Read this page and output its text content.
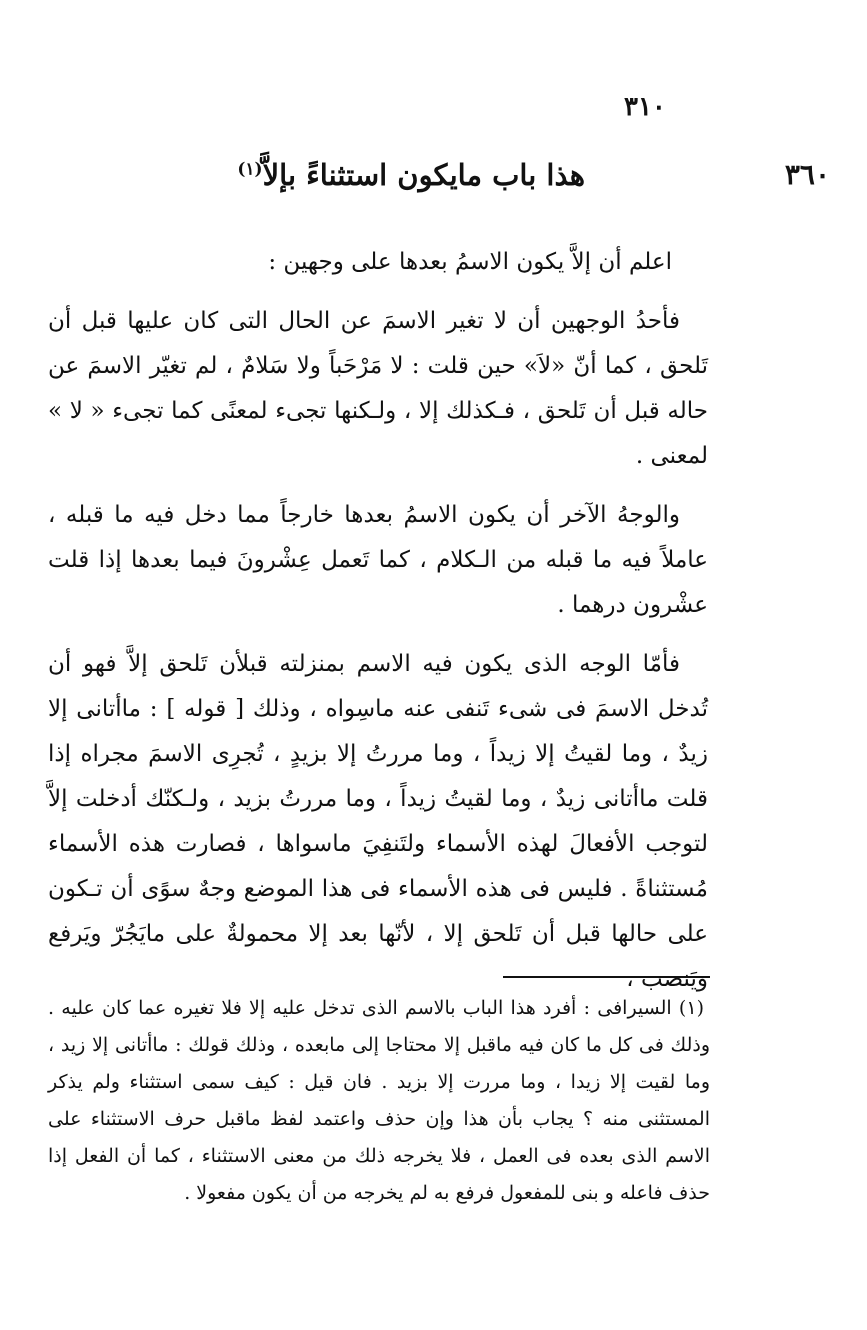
٣١٠
٣٦٠
هذا باب مايكون استثناءً بإلاَّ$^{(١)}$

اعلم أن إلاَّ يكون الاسمُ بعدها على وجهين :

فأحدُ الوجهين أن لا تغير الاسمَ عن الحال التى كان عليها قبل أن تَلحق ، كما أنّ «لاَ» حين قلت : لا مَرْحَباً ولا سَلامٌ ، لم تغيّر الاسمَ عن حاله قبل أن تَلحق ، فـكذلك إلا ، ولـكنها تجىء لمعنًى كما تجىء « لا » لمعنى .

والوجهُ الآخر أن يكون الاسمُ بعدها خارجاً مما دخل فيه ما قبله ، عاملاً فيه ما قبله من الـكلام ، كما تَعمل عِشْرونَ فيما بعدها إذا قلت عشْرون درهما .

فأمّا الوجه الذى يكون فيه الاسم بمنزلته قبلأن تَلحق إلاَّ فهو أن تُدخل الاسمَ فى شىء تَنفى عنه ماسِواه ، وذلك [ قوله ] : ماأتانى إلا زيدٌ ، وما لقيتُ إلا زيداً ، وما مررتُ إلا بزيدٍ ، تُجرِى الاسمَ مجراه إذا قلت ماأتانى زيدٌ ، وما لقيتُ زيداً ، وما مررتُ بزيد ، ولـكنّك أدخلت إلاَّ لتوجب الأفعالَ لهذه الأسماء ولتَنفِيَ ماسواها ، فصارت هذه الأسماء مُستثناةً . فليس فى هذه الأسماء فى هذا الموضع وجهٌ سوًى أن تـكون على حالها قبل أن تَلحق إلا ، لأنّها بعد إلا محمولةٌ على مايَجُرّ ويَرفع ويَنصب ،

(١) السيرافى : أفرد هذا الباب بالاسم الذى تدخل عليه إلا فلا تغيره عما كان عليه . وذلك فى كل ما كان فيه ماقبل إلا محتاجا إلى مابعده ، وذلك قولك : ماأتانى إلا زيد ، وما لقيت إلا زيدا ، وما مررت إلا بزيد . فان قيل : كيف سمى استثناء ولم يذكر المستثنى منه ؟ يجاب بأن هذا وإن حذف واعتمد لفظ ماقبل حرف الاستثناء على الاسم الذى بعده فى العمل ، فلا يخرجه ذلك من معنى الاستثناء ، كما أن الفعل إذا حذف فاعله و بنى للمفعول فرفع به لم يخرجه من أن يكون مفعولا .
